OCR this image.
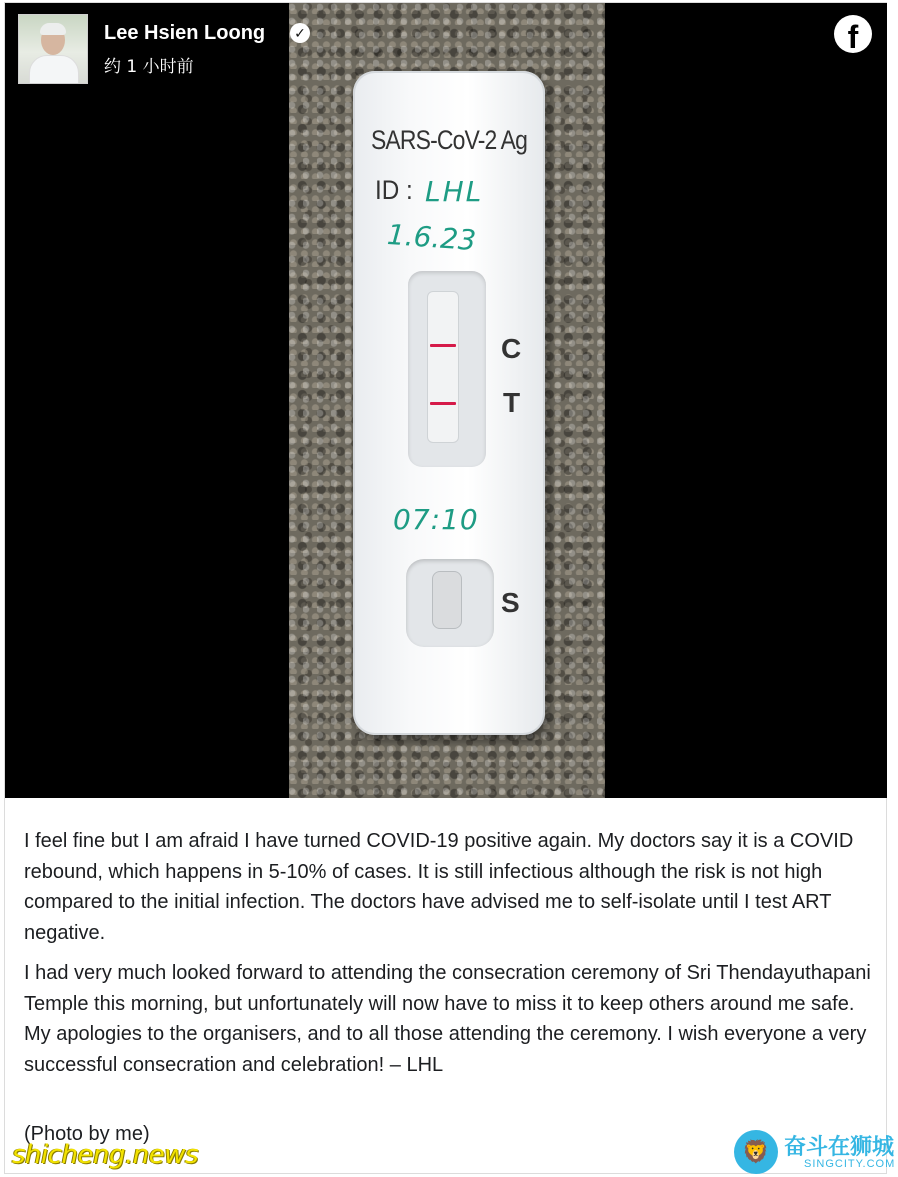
SARS-CoV-2 Ag
ID : LHL
1.6.23
C
T
07:10
S
Lee Hsien Loong ✓
约 1 小时前
f

I feel fine but I am afraid I have turned COVID-19 positive again. My doctors say it is a COVID rebound, which happens in 5-10% of cases. It is still infectious although the risk is not high compared to the initial infection. The doctors have advised me to self-isolate until I test ART negative.

I had very much looked forward to attending the consecration ceremony of Sri Thendayuthapani Temple this morning, but unfortunately will now have to miss it to keep others around me safe. My apologies to the organisers, and to all those attending the ceremony. I wish everyone a very successful consecration and celebration! – LHL

(Photo by me)
shicheng.news	🦁 奋斗在狮城
SINGCITY.COM
